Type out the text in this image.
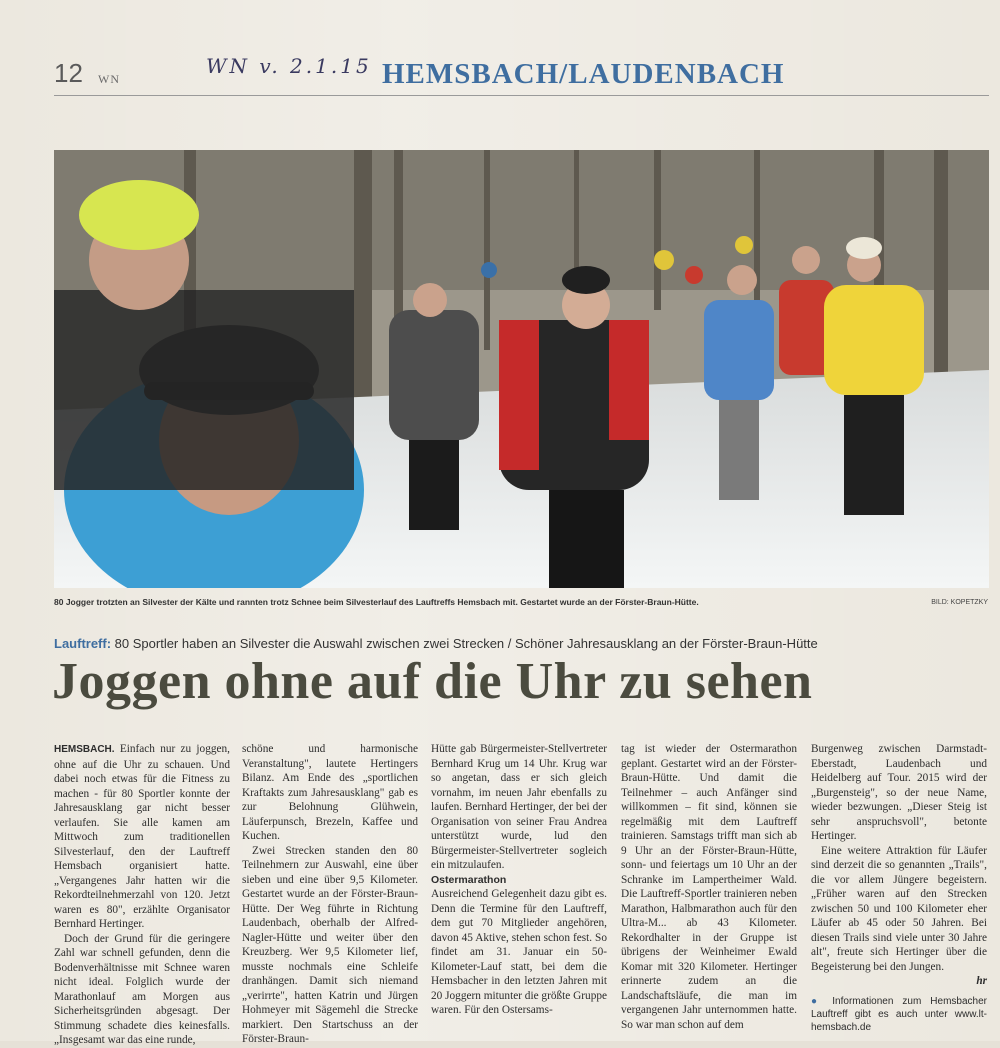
12 WN
WN v. 2.1.15 HEMSBACH/LAUDENBACH
80 Jogger trotzten an Silvester der Kälte und rannten trotz Schnee beim Silvesterlauf des Lauftreffs Hemsbach mit. Gestartet wurde an der Förster-Braun-Hütte.	BILD: KOPETZKY
Lauftreff: 80 Sportler haben an Silvester die Auswahl zwischen zwei Strecken / Schöner Jahresausklang an der Förster-Braun-Hütte
Joggen ohne auf die Uhr zu sehen

HEMSBACH. Einfach nur zu joggen, ohne auf die Uhr zu schauen. Und dabei noch etwas für die Fitness zu machen - für 80 Sportler konnte der Jahresausklang gar nicht besser verlaufen. Sie alle kamen am Mittwoch zum traditionellen Silvesterlauf, den der Lauftreff Hemsbach organisiert hatte. „Vergangenes Jahr hatten wir die Rekordteilnehmerzahl von 120. Jetzt waren es 80", erzählte Organisator Bernhard Hertinger.

Doch der Grund für die geringere Zahl war schnell gefunden, denn die Bodenverhältnisse mit Schnee waren nicht ideal. Folglich wurde der Marathonlauf am Morgen aus Sicherheitsgründen abgesagt. Der Stimmung schadete dies keinesfalls. „Insgesamt war das eine runde,

schöne und harmonische Veranstaltung", lautete Hertingers Bilanz. Am Ende des „sportlichen Kraftakts zum Jahresausklang" gab es zur Belohnung Glühwein, Läuferpunsch, Brezeln, Kaffee und Kuchen.

Zwei Strecken standen den 80 Teilnehmern zur Auswahl, eine über sieben und eine über 9,5 Kilometer. Gestartet wurde an der Förster-Braun-Hütte. Der Weg führte in Richtung Laudenbach, oberhalb der Alfred-Nagler-Hütte und weiter über den Kreuzberg. Wer 9,5 Kilometer lief, musste nochmals eine Schleife dranhängen. Damit sich niemand „verirrte", hatten Katrin und Jürgen Hohmeyer mit Sägemehl die Strecke markiert. Den Startschuss an der Förster-Braun-

Hütte gab Bürgermeister-Stellvertreter Bernhard Krug um 14 Uhr. Krug war so angetan, dass er sich gleich vornahm, im neuen Jahr ebenfalls zu laufen. Bernhard Hertinger, der bei der Organisation von seiner Frau Andrea unterstützt wurde, lud den Bürgermeister-Stellvertreter sogleich ein mitzulaufen.

Ostermarathon

Ausreichend Gelegenheit dazu gibt es. Denn die Termine für den Lauftreff, dem gut 70 Mitglieder angehören, davon 45 Aktive, stehen schon fest. So findet am 31. Januar ein 50-Kilometer-Lauf statt, bei dem die Hemsbacher in den letzten Jahren mit 20 Joggern mitunter die größte Gruppe waren. Für den Ostersams-

tag ist wieder der Ostermarathon geplant. Gestartet wird an der Förster-Braun-Hütte. Und damit die Teilnehmer – auch Anfänger sind willkommen – fit sind, können sie regelmäßig mit dem Lauftreff trainieren. Samstags trifft man sich ab 9 Uhr an der Förster-Braun-Hütte, sonn- und feiertags um 10 Uhr an der Schranke im Lampertheimer Wald. Die Lauftreff-Sportler trainieren neben Marathon, Halbmarathon auch für den Ultra-M... ab 43 Kilometer. Rekordhalter in der Gruppe ist übrigens der Weinheimer Ewald Komar mit 320 Kilometer. Hertinger erinnerte zudem an die Landschaftsläufe, die man im vergangenen Jahr unternommen hatte. So war man schon auf dem

Burgenweg zwischen Darmstadt-Eberstadt, Laudenbach und Heidelberg auf Tour. 2015 wird der „Burgensteig", so der neue Name, wieder bezwungen. „Dieser Steig ist sehr anspruchsvoll", betonte Hertinger.

Eine weitere Attraktion für Läufer sind derzeit die so genannten „Trails", die vor allem Jüngere begeistern. „Früher waren auf den Strecken zwischen 50 und 100 Kilometer eher Läufer ab 45 oder 50 Jahren. Bei diesen Trails sind viele unter 30 Jahre alt", freute sich Hertinger über die Begeisterung bei den Jungen.

hr
● Informationen zum Hemsbacher Lauftreff gibt es auch unter www.lt-hemsbach.de
